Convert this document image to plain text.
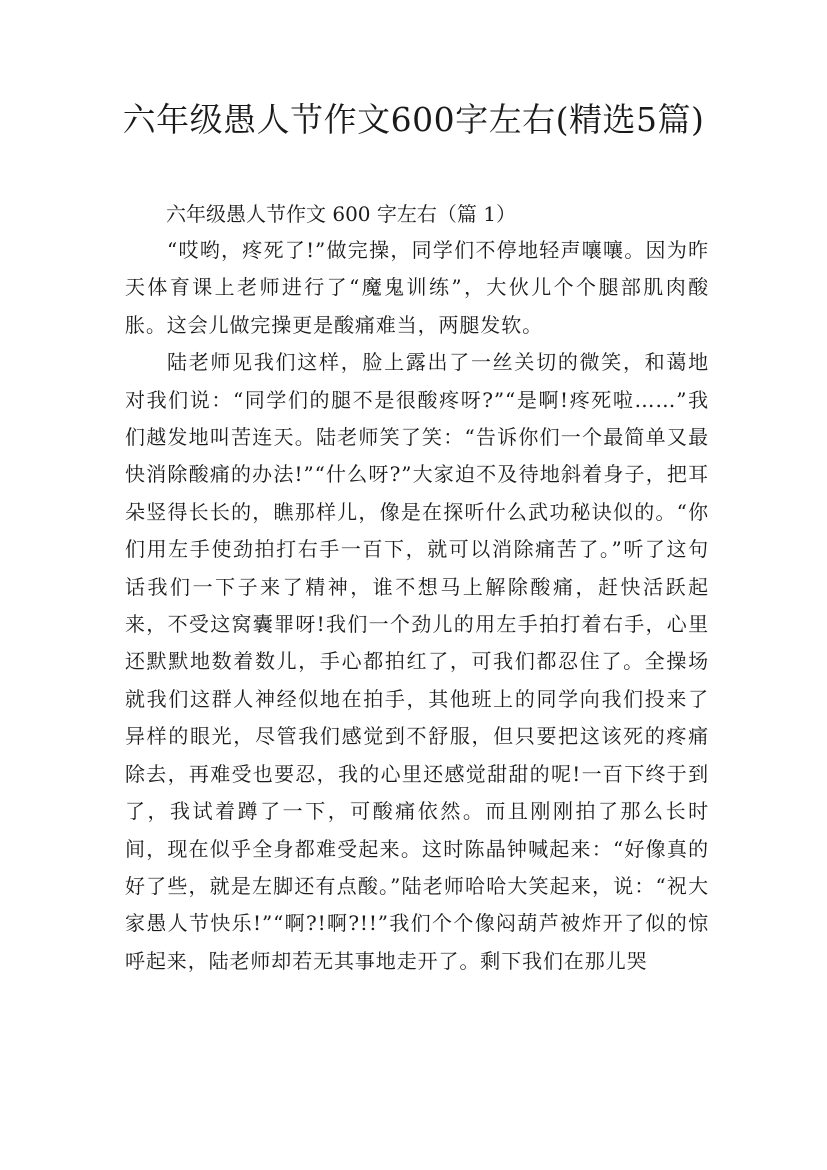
六年级愚人节作文600字左右(精选5篇)
六年级愚人节作文 600 字左右（篇 1）

“哎哟，疼死了!”做完操，同学们不停地轻声嚷嚷。因为昨天体育课上老师进行了“魔鬼训练”，大伙儿个个腿部肌肉酸胀。这会儿做完操更是酸痛难当，两腿发软。

陆老师见我们这样，脸上露出了一丝关切的微笑，和蔼地对我们说：“同学们的腿不是很酸疼呀?”“是啊!疼死啦……”我们越发地叫苦连天。陆老师笑了笑：“告诉你们一个最简单又最快消除酸痛的办法!”“什么呀?”大家迫不及待地斜着身子，把耳朵竖得长长的，瞧那样儿，像是在探听什么武功秘诀似的。“你们用左手使劲拍打右手一百下，就可以消除痛苦了。”听了这句话我们一下子来了精神，谁不想马上解除酸痛，赶快活跃起来，不受这窝囊罪呀!我们一个劲儿的用左手拍打着右手，心里还默默地数着数儿，手心都拍红了，可我们都忍住了。全操场就我们这群人神经似地在拍手，其他班上的同学向我们投来了异样的眼光，尽管我们感觉到不舒服，但只要把这该死的疼痛除去，再难受也要忍，我的心里还感觉甜甜的呢!一百下终于到了，我试着蹲了一下，可酸痛依然。而且刚刚拍了那么长时间，现在似乎全身都难受起来。这时陈晶钟喊起来：“好像真的好了些，就是左脚还有点酸。”陆老师哈哈大笑起来，说：“祝大家愚人节快乐!”“啊?!啊?!!”我们个个像闷葫芦被炸开了似的惊呼起来，陆老师却若无其事地走开了。剩下我们在那儿哭
